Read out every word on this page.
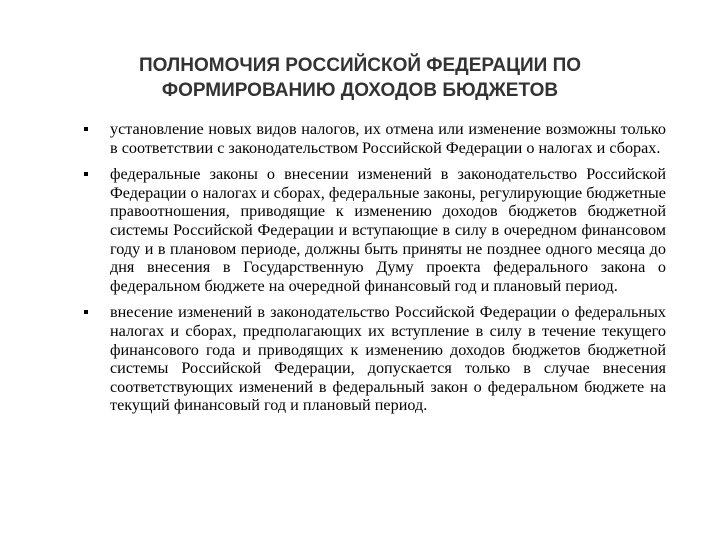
ПОЛНОМОЧИЯ РОССИЙСКОЙ ФЕДЕРАЦИИ ПО
ФОРМИРОВАНИЮ ДОХОДОВ БЮДЖЕТОВ
установление новых видов налогов, их отмена или изменение возможны только в соответствии с законодательством Российской Федерации о налогах и сборах.
федеральные законы о внесении изменений в законодательство Российской Федерации о налогах и сборах, федеральные законы, регулирующие бюджетные правоотношения, приводящие к изменению доходов бюджетов бюджетной системы Российской Федерации и вступающие в силу в очередном финансовом году и в плановом периоде, должны быть приняты не позднее одного месяца до дня внесения в Государственную Думу проекта федерального закона о федеральном бюджете на очередной финансовый год и плановый период.
внесение изменений в законодательство Российской Федерации о федеральных налогах и сборах, предполагающих их вступление в силу в течение текущего финансового года и приводящих к изменению доходов бюджетов бюджетной системы Российской Федерации, допускается только в случае внесения соответствующих изменений в федеральный закон о федеральном бюджете на текущий финансовый год и плановый период.
